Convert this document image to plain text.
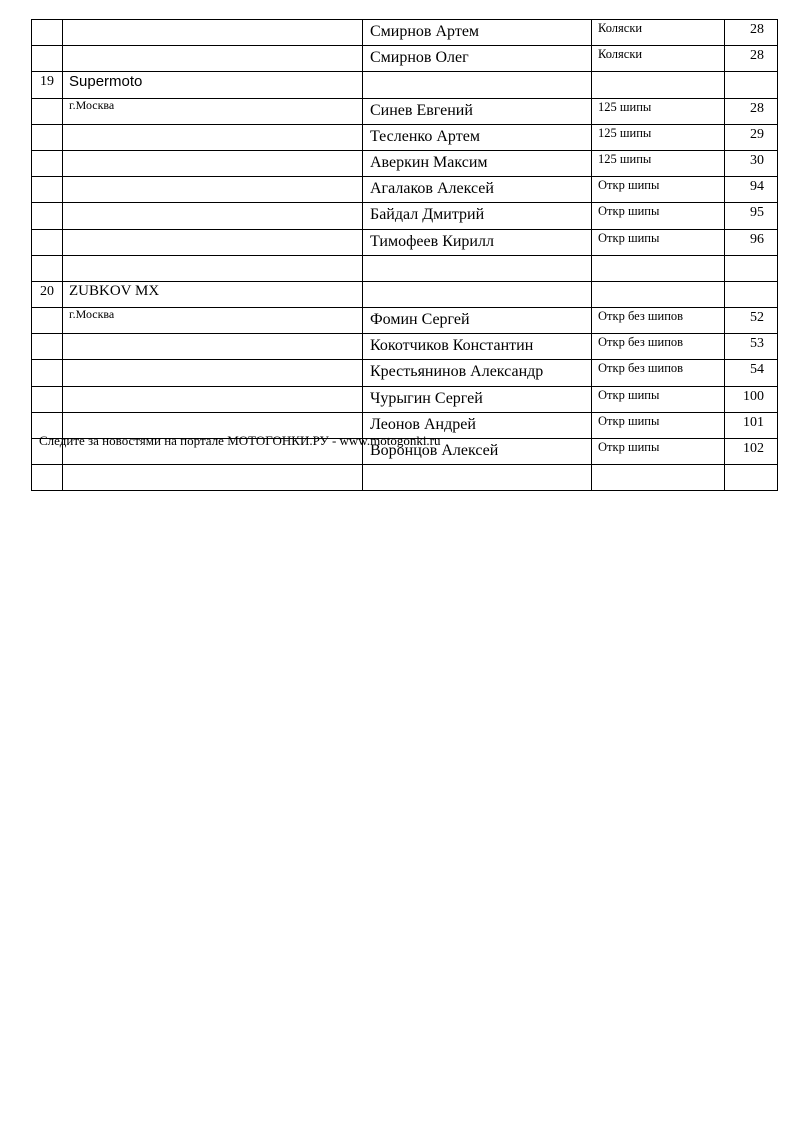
		Смирнов Артем	Коляски	28
		Смирнов Олег	Коляски	28
19	Supermoto			

	г.Москва	Синев Евгений	125 шипы	28
		Тесленко Артем	125 шипы	29
		Аверкин Максим	125 шипы	30
		Агалаков Алексей	Откр шипы	94
		Байдал Дмитрий	Откр шипы	95
		Тимофеев Кирилл	Откр шипы	96

20	ZUBKOV MX			

	г.Москва	Фомин Сергей	Откр без шипов	52
		Кокотчиков Константин	Откр без шипов	53
		Крестьянинов Александр	Откр без шипов	54
		Чурыгин Сергей	Откр шипы	100
		Леонов Андрей	Откр шипы	101
		Воронцов Алексей	Откр шипы	102

Следите за новостями на портале МОТОГОНКИ.РУ - www.motogonki.ru
